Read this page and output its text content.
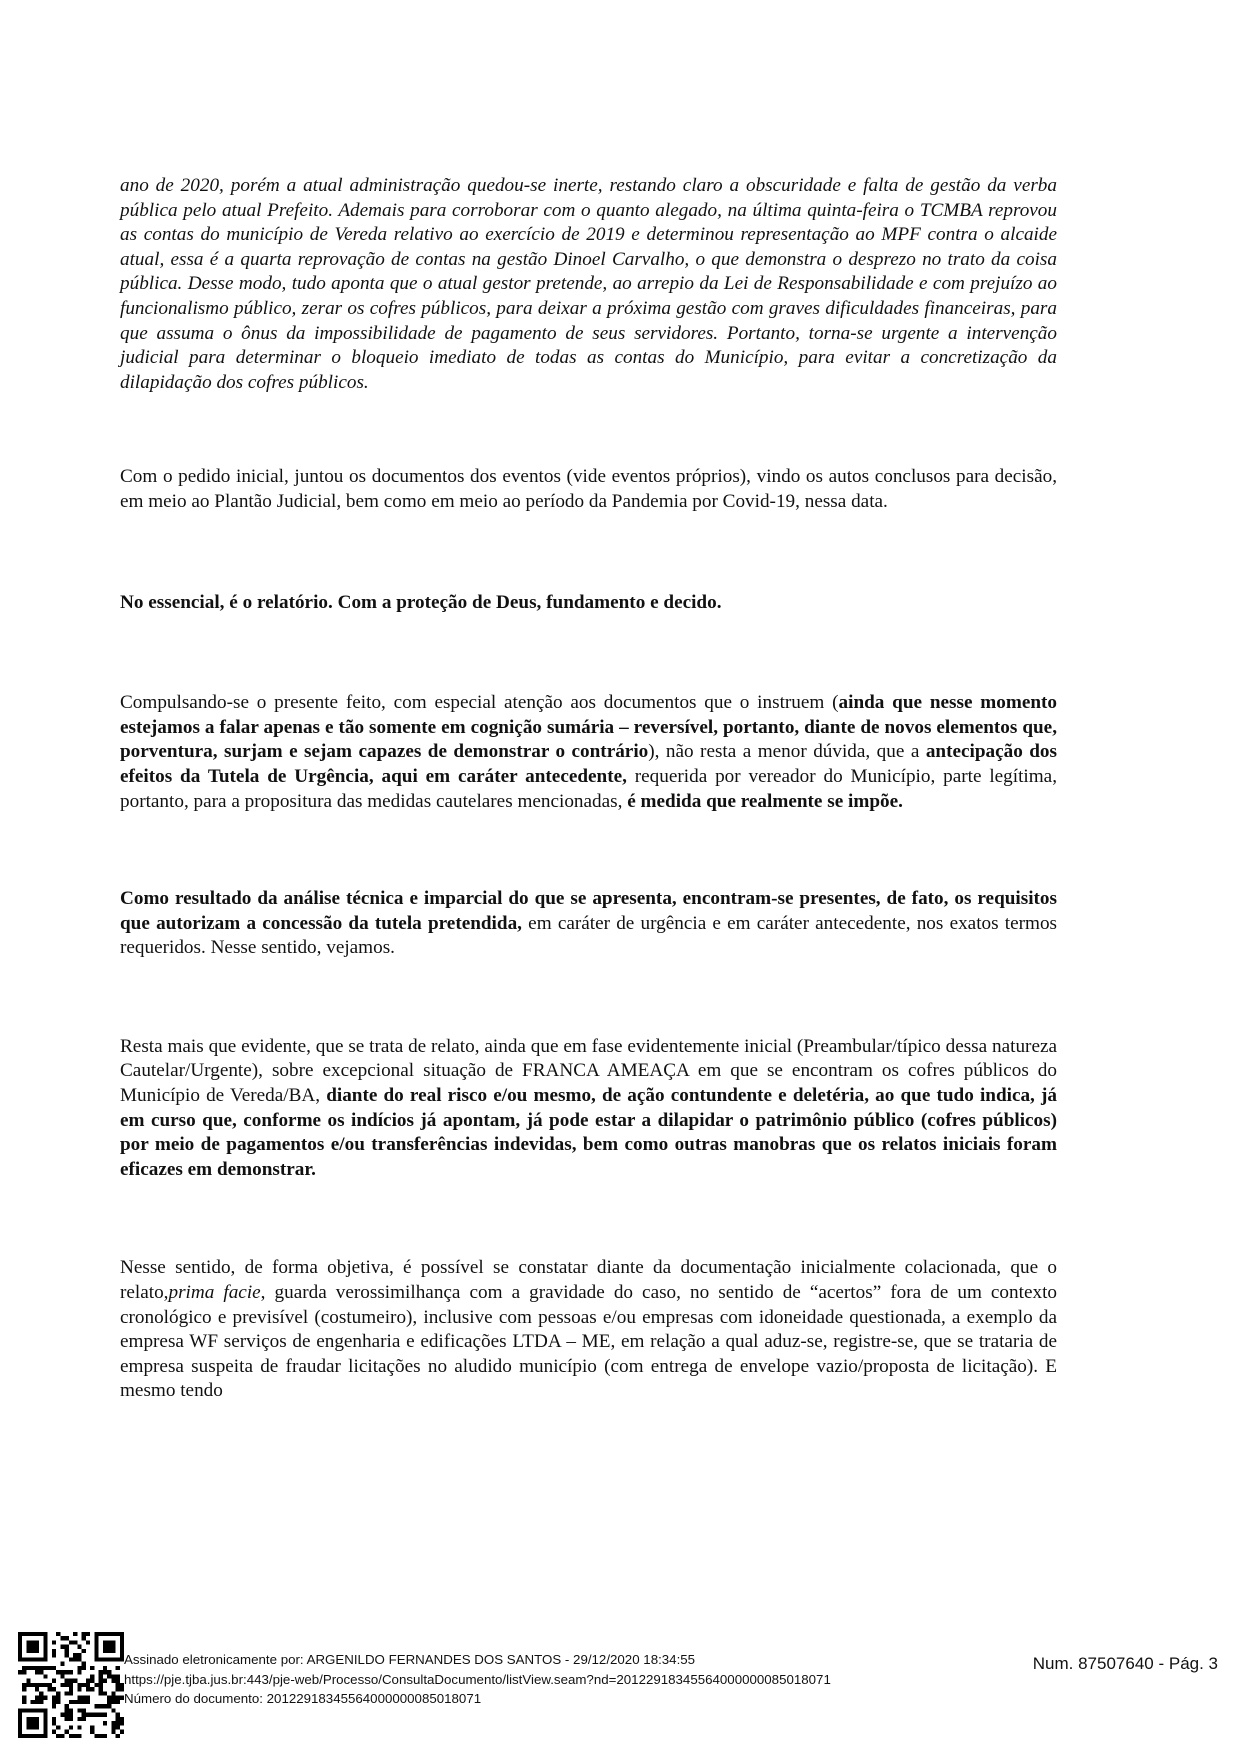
ano de 2020, porém a atual administração quedou-se inerte, restando claro a obscuridade e falta de gestão da verba pública pelo atual Prefeito. Ademais para corroborar com o quanto alegado, na última quinta-feira o TCMBA reprovou as contas do município de Vereda relativo ao exercício de 2019 e determinou representação ao MPF contra o alcaide atual, essa é a quarta reprovação de contas na gestão Dinoel Carvalho, o que demonstra o desprezo no trato da coisa pública. Desse modo, tudo aponta que o atual gestor pretende, ao arrepio da Lei de Responsabilidade e com prejuízo ao funcionalismo público, zerar os cofres públicos, para deixar a próxima gestão com graves dificuldades financeiras, para que assuma o ônus da impossibilidade de pagamento de seus servidores. Portanto, torna-se urgente a intervenção judicial para determinar o bloqueio imediato de todas as contas do Município, para evitar a concretização da dilapidação dos cofres públicos.

Com o pedido inicial, juntou os documentos dos eventos (vide eventos próprios), vindo os autos conclusos para decisão, em meio ao Plantão Judicial, bem como em meio ao período da Pandemia por Covid-19, nessa data.

No essencial, é o relatório. Com a proteção de Deus, fundamento e decido.

Compulsando-se o presente feito, com especial atenção aos documentos que o instruem (ainda que nesse momento estejamos a falar apenas e tão somente em cognição sumária – reversível, portanto, diante de novos elementos que, porventura, surjam e sejam capazes de demonstrar o contrário), não resta a menor dúvida, que a antecipação dos efeitos da Tutela de Urgência, aqui em caráter antecedente, requerida por vereador do Município, parte legítima, portanto, para a propositura das medidas cautelares mencionadas, é medida que realmente se impõe.

Como resultado da análise técnica e imparcial do que se apresenta, encontram-se presentes, de fato, os requisitos que autorizam a concessão da tutela pretendida, em caráter de urgência e em caráter antecedente, nos exatos termos requeridos. Nesse sentido, vejamos.

Resta mais que evidente, que se trata de relato, ainda que em fase evidentemente inicial (Preambular/típico dessa natureza Cautelar/Urgente), sobre excepcional situação de FRANCA AMEAÇA em que se encontram os cofres públicos do Município de Vereda/BA, diante do real risco e/ou mesmo, de ação contundente e deletéria, ao que tudo indica, já em curso que, conforme os indícios já apontam, já pode estar a dilapidar o patrimônio público (cofres públicos) por meio de pagamentos e/ou transferências indevidas, bem como outras manobras que os relatos iniciais foram eficazes em demonstrar.

Nesse sentido, de forma objetiva, é possível se constatar diante da documentação inicialmente colacionada, que o relato,prima facie, guarda verossimilhança com a gravidade do caso, no sentido de “acertos” fora de um contexto cronológico e previsível (costumeiro), inclusive com pessoas e/ou empresas com idoneidade questionada, a exemplo da empresa WF serviços de engenharia e edificações LTDA – ME, em relação a qual aduz-se, registre-se, que se trataria de empresa suspeita de fraudar licitações no aludido município (com entrega de envelope vazio/proposta de licitação). E mesmo tendo

Assinado eletronicamente por: ARGENILDO FERNANDES DOS SANTOS - 29/12/2020 18:34:55
https://pje.tjba.jus.br:443/pje-web/Processo/ConsultaDocumento/listView.seam?nd=20122918345564000000085018071
Número do documento: 20122918345564000000085018071
Num. 87507640 - Pág. 3
